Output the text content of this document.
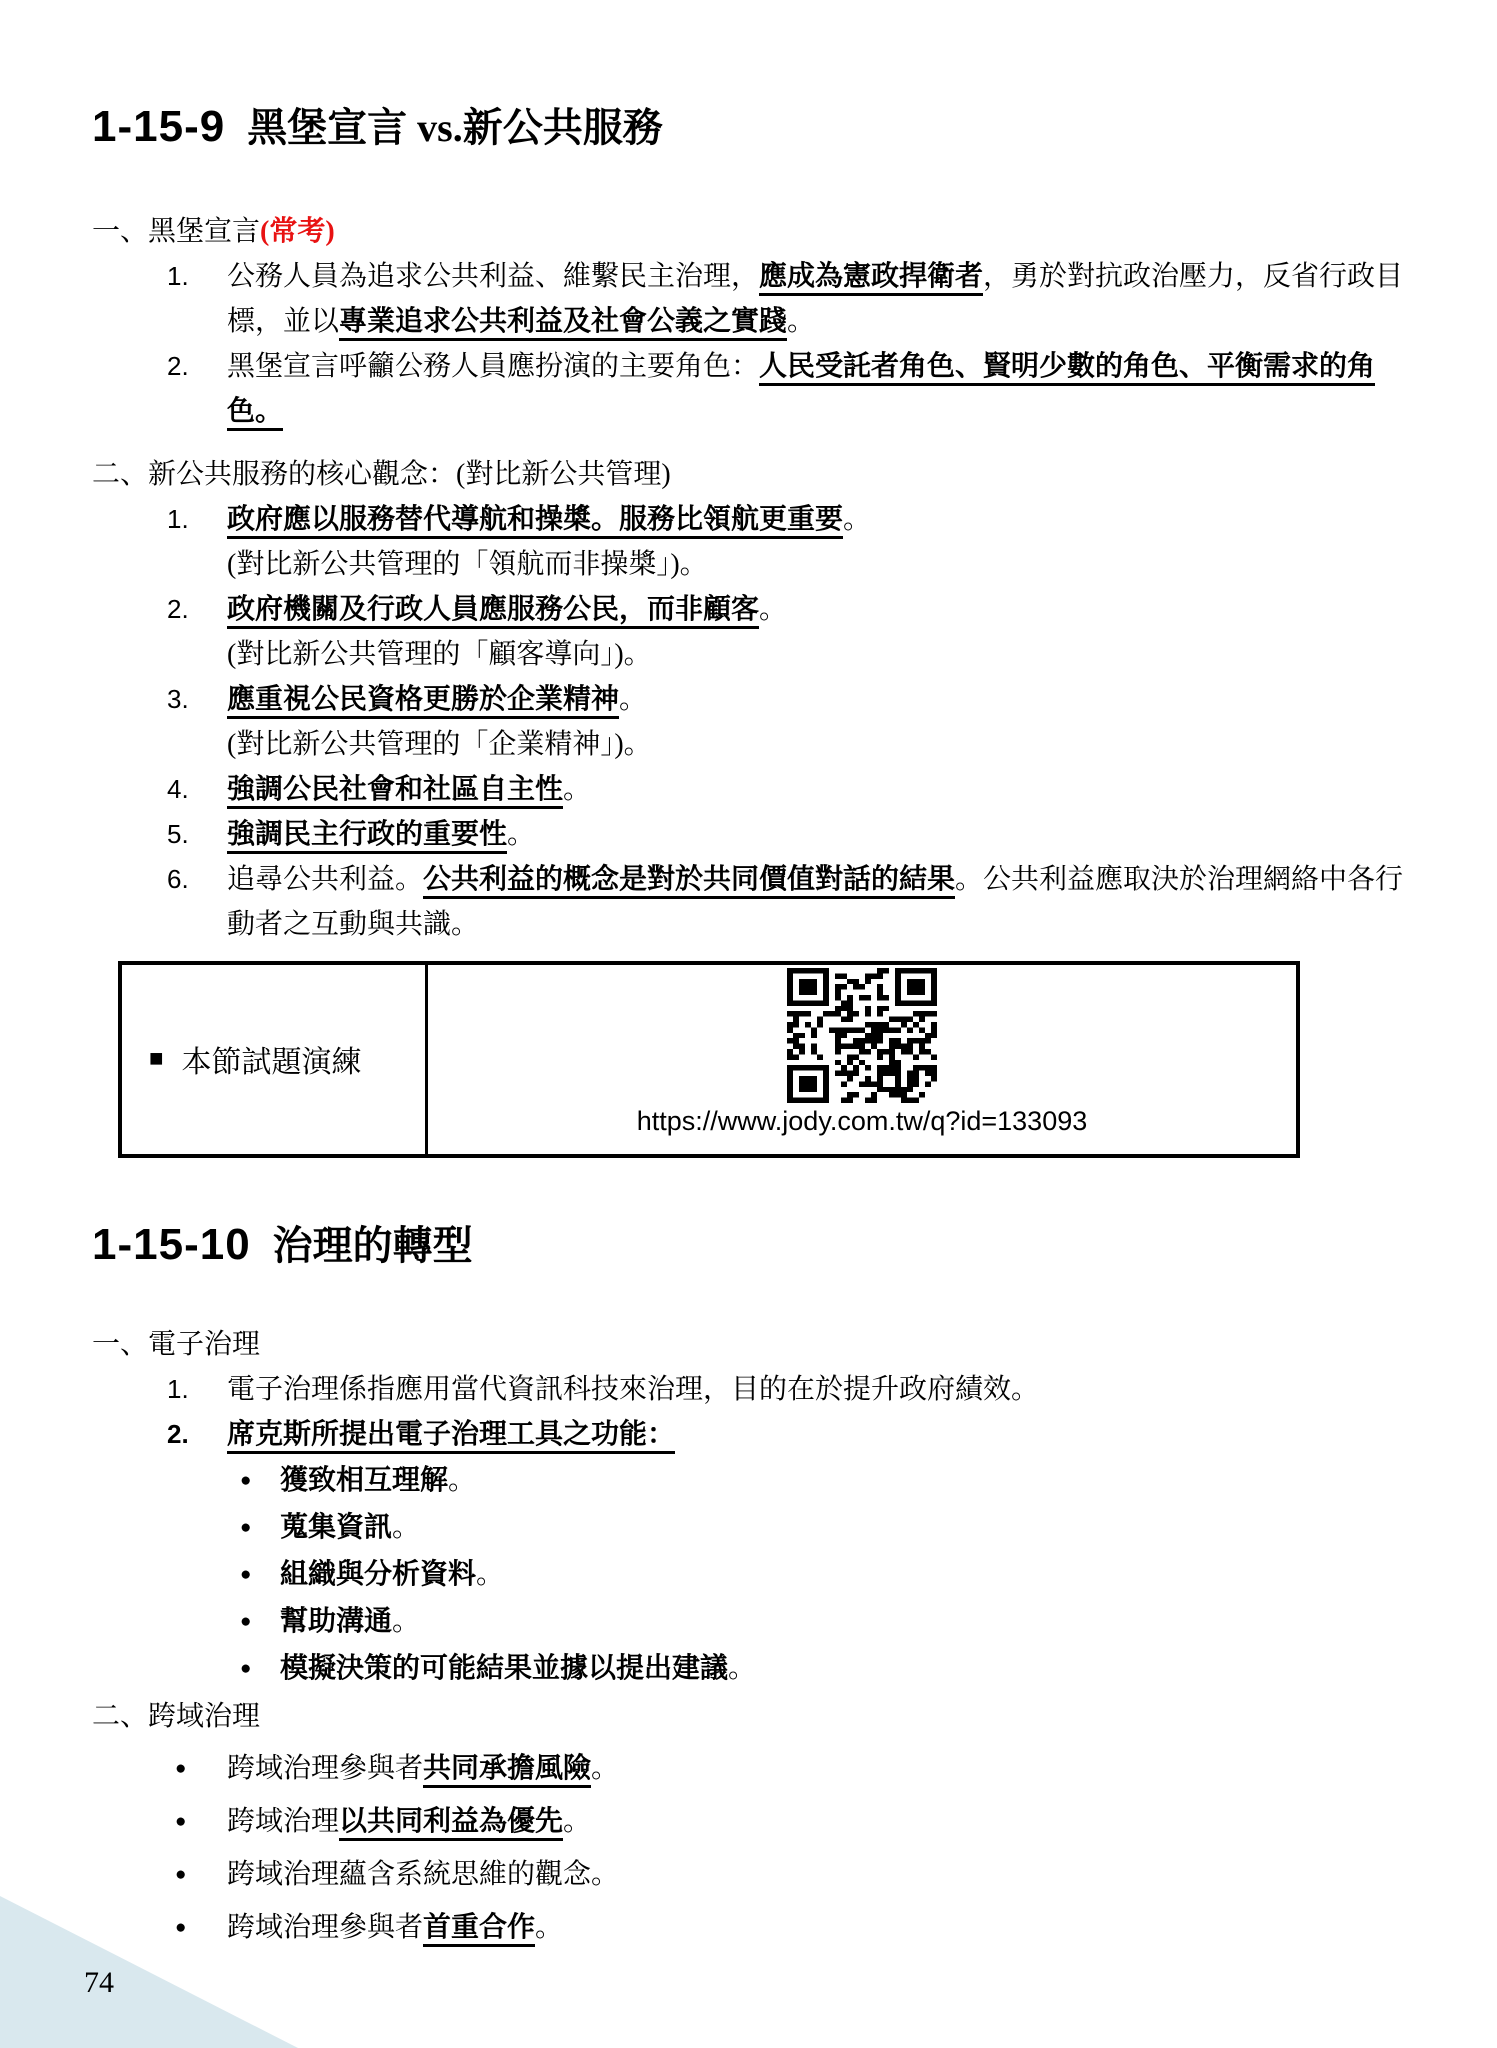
1-15-9 黑堡宣言 vs.新公共服務
一、黑堡宣言(常考)
1.	公務人員為追求公共利益、維繫民主治理，應成為憲政捍衛者，勇於對抗政治壓力，反省行政目標，並以專業追求公共利益及社會公義之實踐。
2.	黑堡宣言呼籲公務人員應扮演的主要角色：人民受託者角色、賢明少數的角色、平衡需求的角色。
二、新公共服務的核心觀念：(對比新公共管理)
1.	政府應以服務替代導航和操槳。服務比領航更重要。
(對比新公共管理的「領航而非操槳」)。
2.	政府機關及行政人員應服務公民，而非顧客。
(對比新公共管理的「顧客導向」)。
3.	應重視公民資格更勝於企業精神。
(對比新公共管理的「企業精神」)。
4.	強調公民社會和社區自主性。
5.	強調民主行政的重要性。
6.	追尋公共利益。公共利益的概念是對於共同價值對話的結果。公共利益應取決於治理網絡中各行動者之互動與共識。
■ 本節試題演練
https://www.jody.com.tw/q?id=133093
1-15-10 治理的轉型
一、電子治理
1.	電子治理係指應用當代資訊科技來治理，目的在於提升政府績效。
2.	席克斯所提出電子治理工具之功能：
●	獲致相互理解。
●	蒐集資訊。
●	組織與分析資料。
●	幫助溝通。
●	模擬決策的可能結果並據以提出建議。
二、跨域治理
●	跨域治理參與者共同承擔風險。
●	跨域治理以共同利益為優先。
●	跨域治理蘊含系統思維的觀念。
●	跨域治理參與者首重合作。
74
